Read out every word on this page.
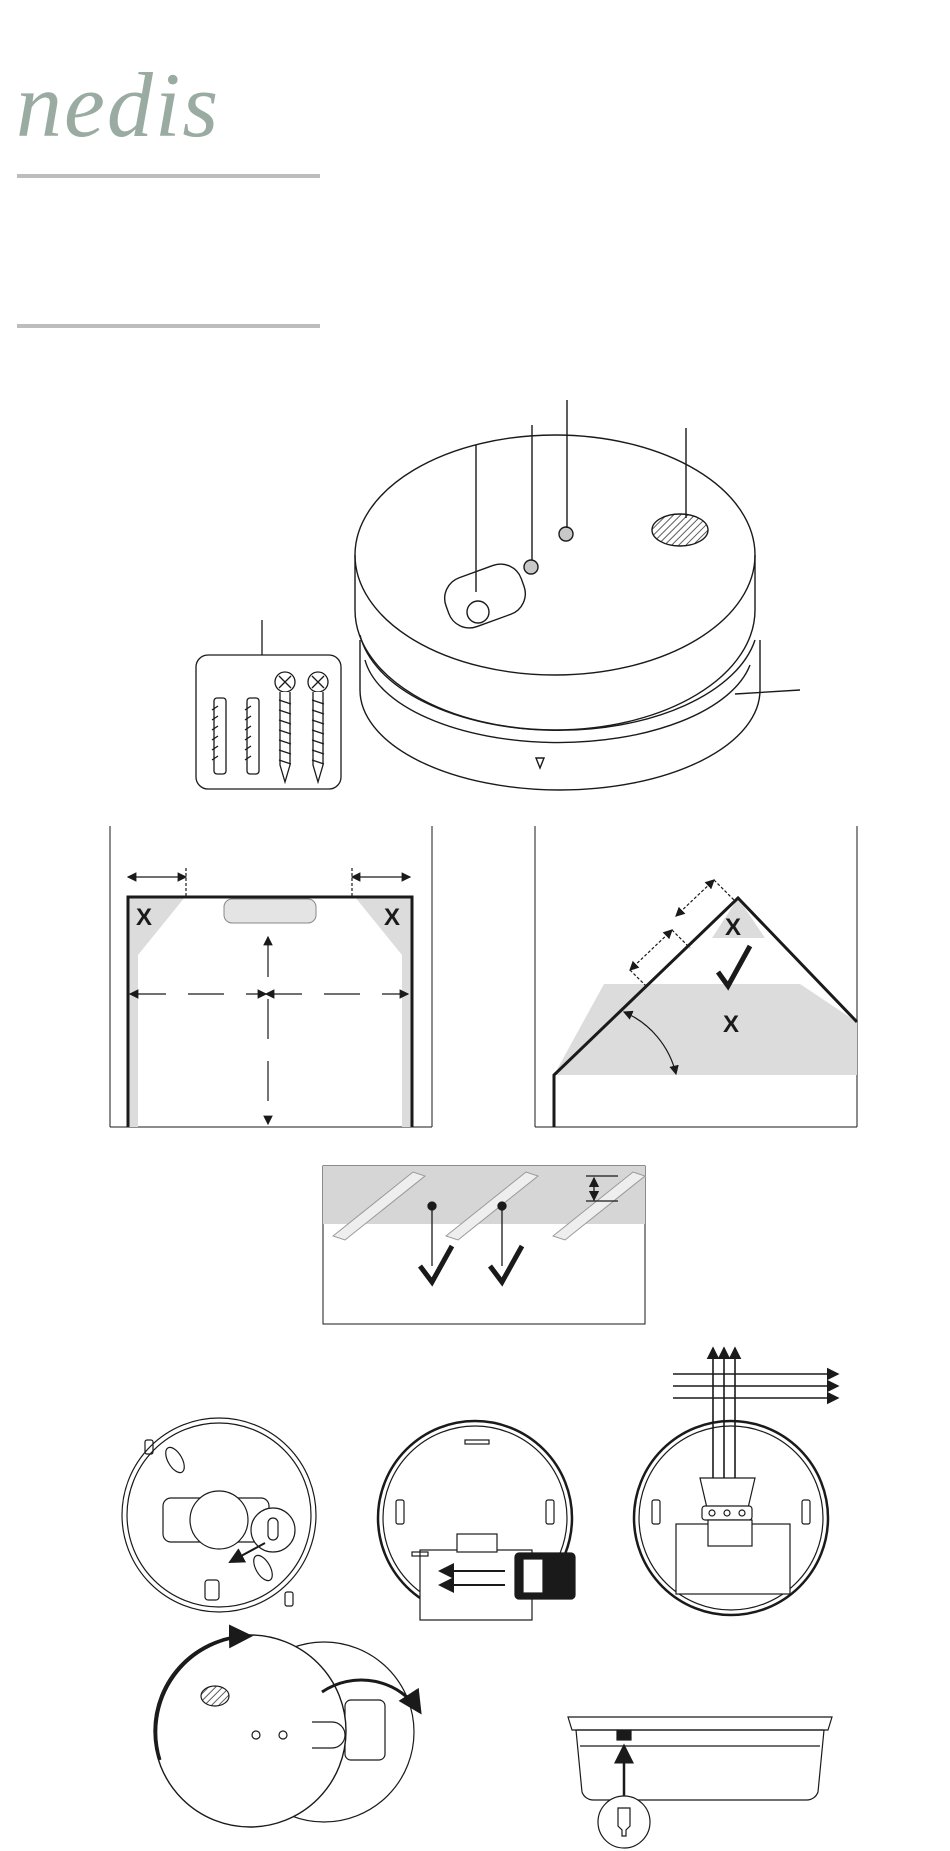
nedis
X	X	X
X
